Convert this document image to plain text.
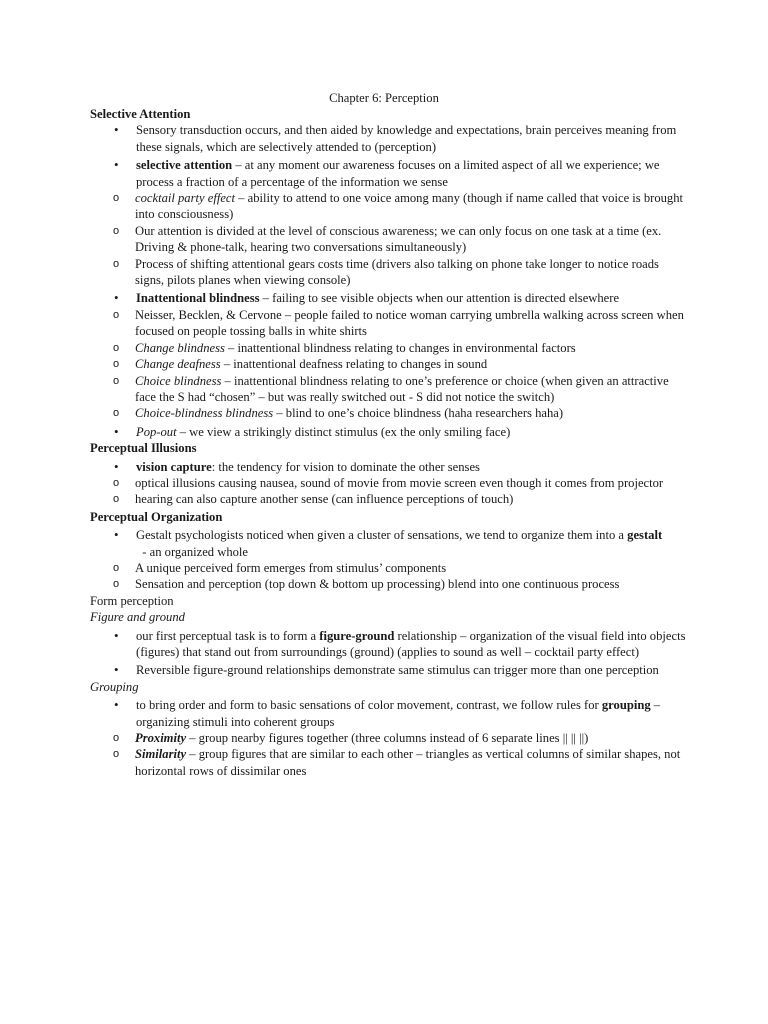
Chapter 6: Perception
Selective Attention
• Sensory transduction occurs, and then aided by knowledge and expectations, brain perceives meaning from these signals, which are selectively attended to (perception)
• selective attention – at any moment our awareness focuses on a limited aspect of all we experience; we process a fraction of a percentage of the information we sense
o cocktail party effect – ability to attend to one voice among many (though if name called that voice is brought into consciousness)
o Our attention is divided at the level of conscious awareness; we can only focus on one task at a time (ex. Driving & phone-talk, hearing two conversations simultaneously)
o Process of shifting attentional gears costs time (drivers also talking on phone take longer to notice roads signs, pilots planes when viewing console)
• Inattentional blindness – failing to see visible objects when our attention is directed elsewhere
o Neisser, Becklen, & Cervone – people failed to notice woman carrying umbrella walking across screen when focused on people tossing balls in white shirts
o Change blindness – inattentional blindness relating to changes in environmental factors
o Change deafness – inattentional deafness relating to changes in sound
o Choice blindness – inattentional blindness relating to one’s preference or choice (when given an attractive face the S had “chosen” – but was really switched out - S did not notice the switch)
o Choice-blindness blindness – blind to one’s choice blindness (haha researchers haha)
• Pop-out – we view a strikingly distinct stimulus (ex the only smiling face)
Perceptual Illusions
• vision capture: the tendency for vision to dominate the other senses
o optical illusions causing nausea, sound of movie from movie screen even though it comes from projector
o hearing can also capture another sense (can influence perceptions of touch)
Perceptual Organization
• Gestalt psychologists noticed when given a cluster of sensations, we tend to organize them into a gestalt  - an organized whole
o A unique perceived form emerges from stimulus’ components
o Sensation and perception (top down & bottom up processing) blend into one continuous process
Form perception
Figure and ground
• our first perceptual task is to form a figure-ground relationship – organization of the visual field into objects (figures) that stand out from surroundings (ground) (applies to sound as well – cocktail party effect)
• Reversible figure-ground relationships demonstrate same stimulus can trigger more than one perception
Grouping
• to bring order and form to basic sensations of color movement, contrast, we follow rules for grouping – organizing stimuli into coherent groups
o Proximity – group nearby figures together (three columns instead of 6 separate lines || || ||)
o Similarity – group figures that are similar to each other – triangles as vertical columns of similar shapes, not horizontal rows of dissimilar ones
